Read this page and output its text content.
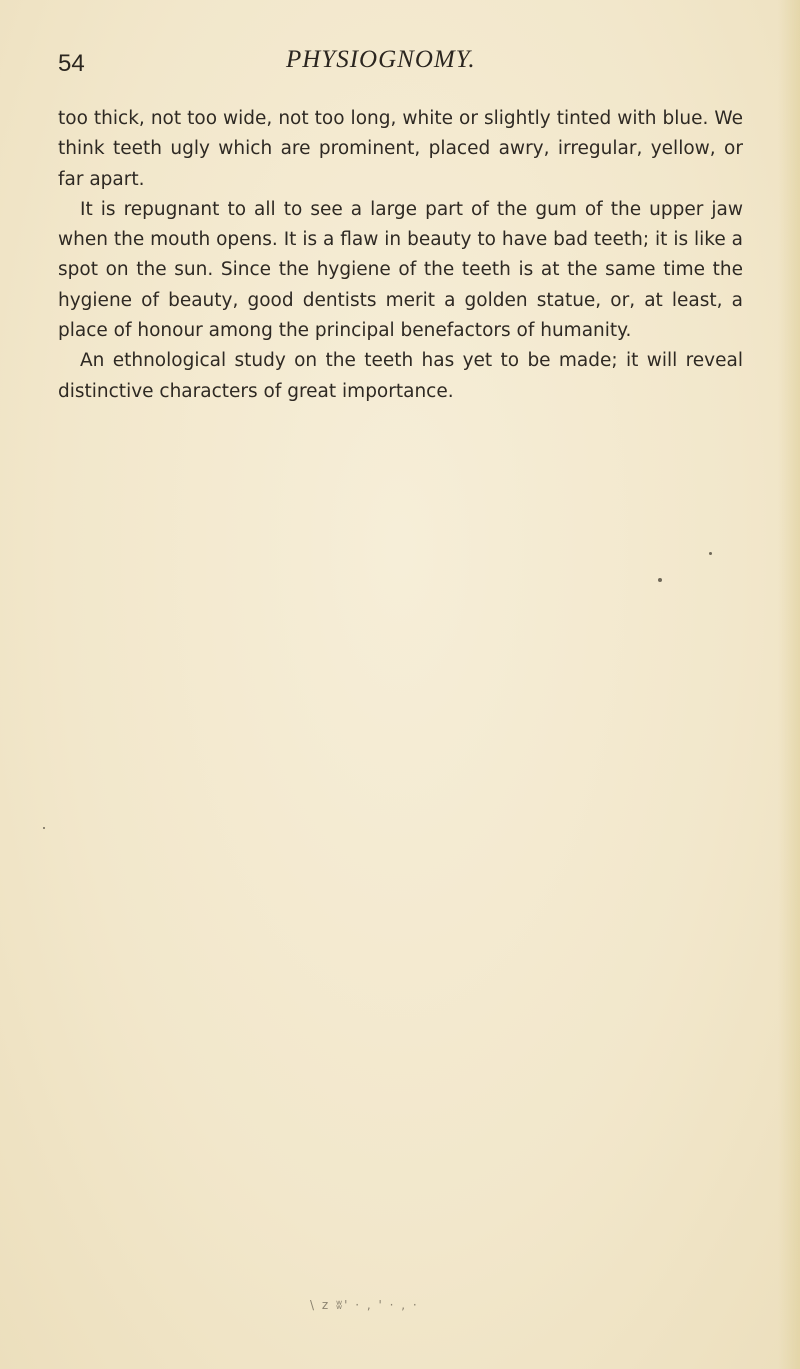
54	PHYSIOGNOMY.

too thick, not too wide, not too long, white or slightly tinted with blue. We think teeth ugly which are prominent, placed awry, irregular, yellow, or far apart.

It is repugnant to all to see a large part of the gum of the upper jaw when the mouth opens. It is a flaw in beauty to have bad teeth; it is like a spot on the sun. Since the hygiene of the teeth is at the same time the hygiene of beauty, good dentists merit a golden statue, or, at least, a place of honour among the principal benefactors of humanity.

An ethnological study on the teeth has yet to be made; it will reveal distinctive characters of great importance.

\ z ʬ' · , ' · , ·
